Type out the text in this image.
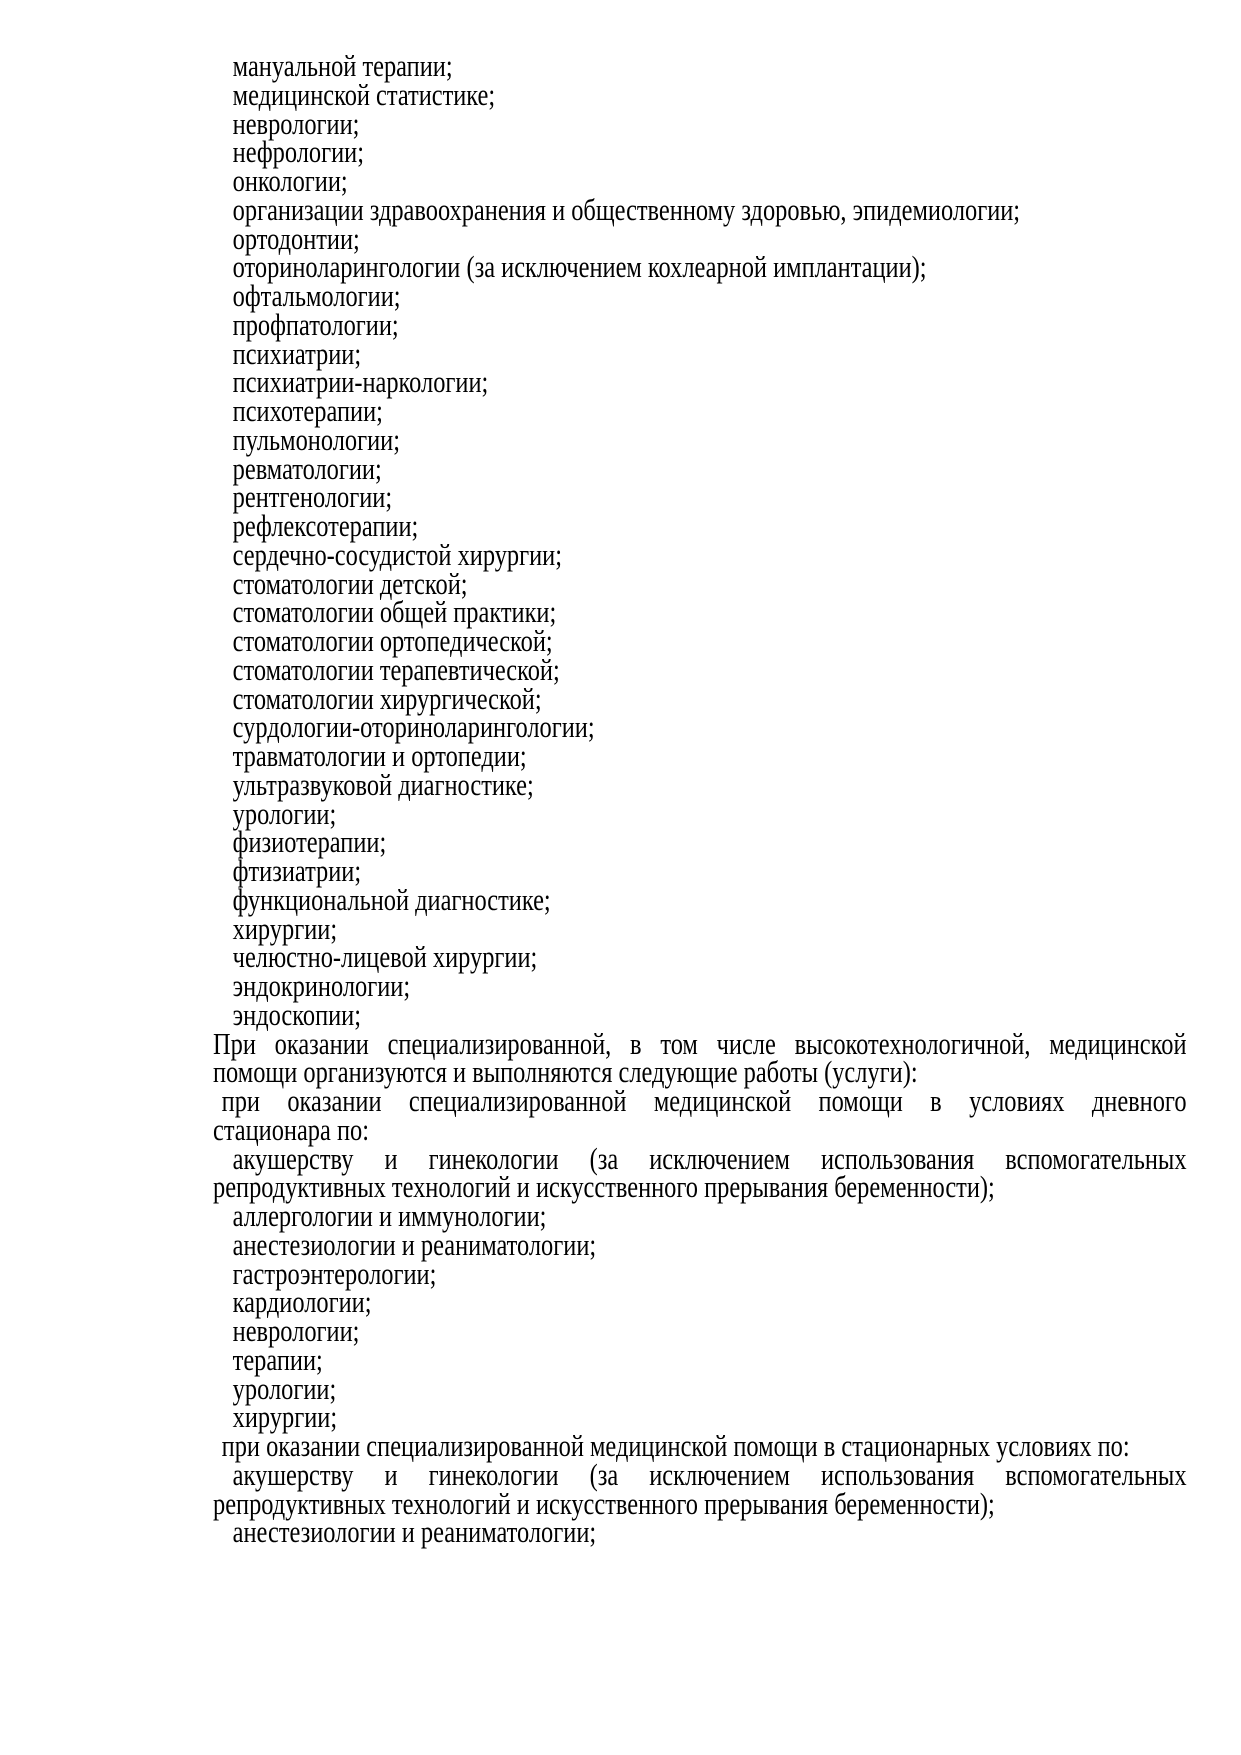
мануальной терапии;
медицинской статистике;
неврологии;
нефрологии;
онкологии;
организации здравоохранения и общественному здоровью, эпидемиологии;
ортодонтии;
оториноларингологии (за исключением кохлеарной имплантации);
офтальмологии;
профпатологии;
психиатрии;
психиатрии-наркологии;
психотерапии;
пульмонологии;
ревматологии;
рентгенологии;
рефлексотерапии;
сердечно-сосудистой хирургии;
стоматологии детской;
стоматологии общей практики;
стоматологии ортопедической;
стоматологии терапевтической;
стоматологии хирургической;
сурдологии-оториноларингологии;
травматологии и ортопедии;
ультразвуковой диагностике;
урологии;
физиотерапии;
фтизиатрии;
функциональной диагностике;
хирургии;
челюстно-лицевой хирургии;
эндокринологии;
эндоскопии;
При оказании специализированной, в том числе высокотехнологичной, медицинской
помощи организуются и выполняются следующие работы (услуги):
при оказании специализированной медицинской помощи в условиях дневного
стационара по:
акушерству и гинекологии (за исключением использования вспомогательных
репродуктивных технологий и искусственного прерывания беременности);
аллергологии и иммунологии;
анестезиологии и реаниматологии;
гастроэнтерологии;
кардиологии;
неврологии;
терапии;
урологии;
хирургии;
при оказании специализированной медицинской помощи в стационарных условиях по:
акушерству и гинекологии (за исключением использования вспомогательных
репродуктивных технологий и искусственного прерывания беременности);
анестезиологии и реаниматологии;
